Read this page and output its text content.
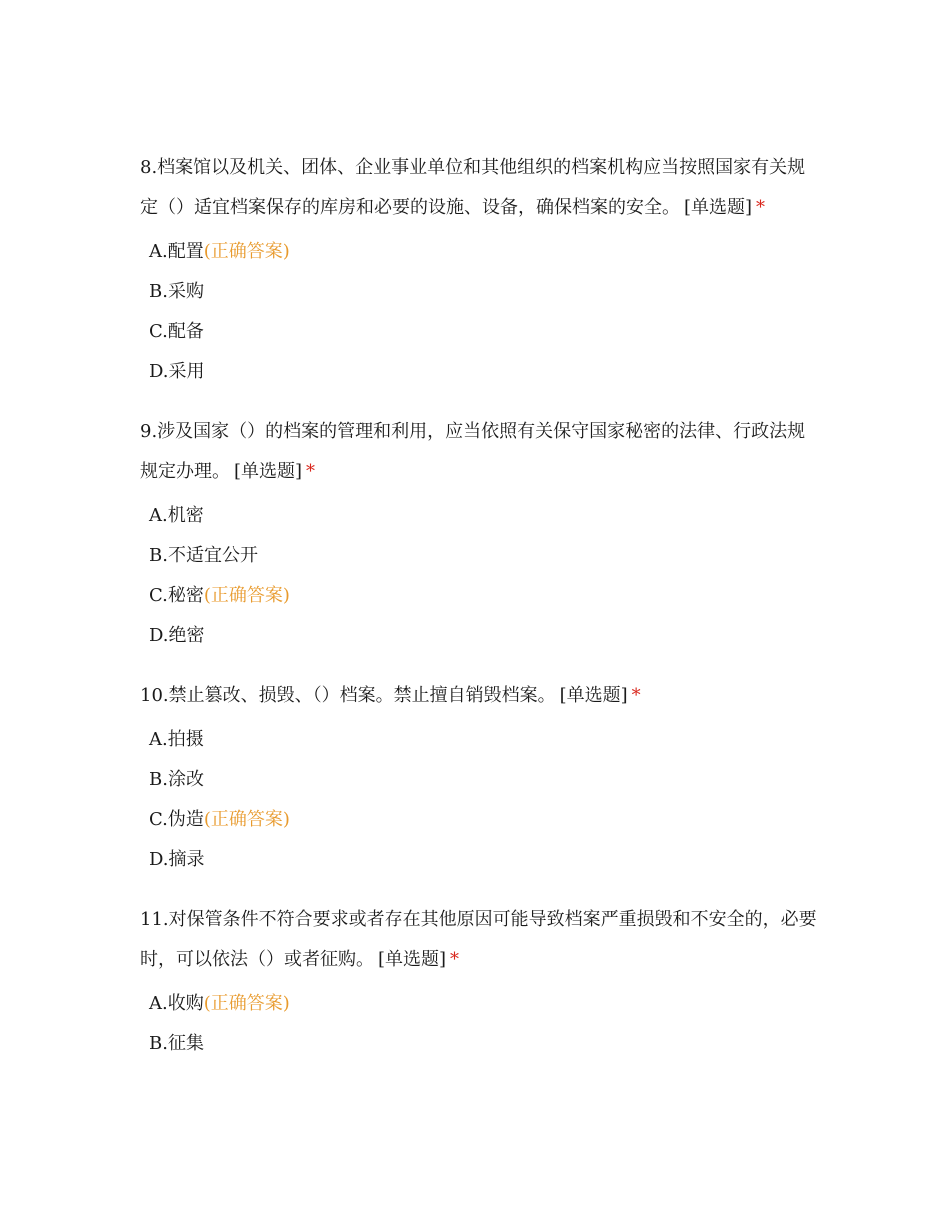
8.档案馆以及机关、团体、企业事业单位和其他组织的档案机构应当按照国家有关规定（）适宜档案保存的库房和必要的设施、设备，确保档案的安全。 [单选题] *

A.配置(正确答案)
B.采购
C.配备
D.采用

9.涉及国家（）的档案的管理和利用，应当依照有关保守国家秘密的法律、行政法规规定办理。 [单选题] *

A.机密
B.不适宜公开
C.秘密(正确答案)
D.绝密

10.禁止篡改、损毁、（）档案。禁止擅自销毁档案。 [单选题] *

A.拍摄
B.涂改
C.伪造(正确答案)
D.摘录

11.对保管条件不符合要求或者存在其他原因可能导致档案严重损毁和不安全的，必要时，可以依法（）或者征购。 [单选题] *

A.收购(正确答案)
B.征集
